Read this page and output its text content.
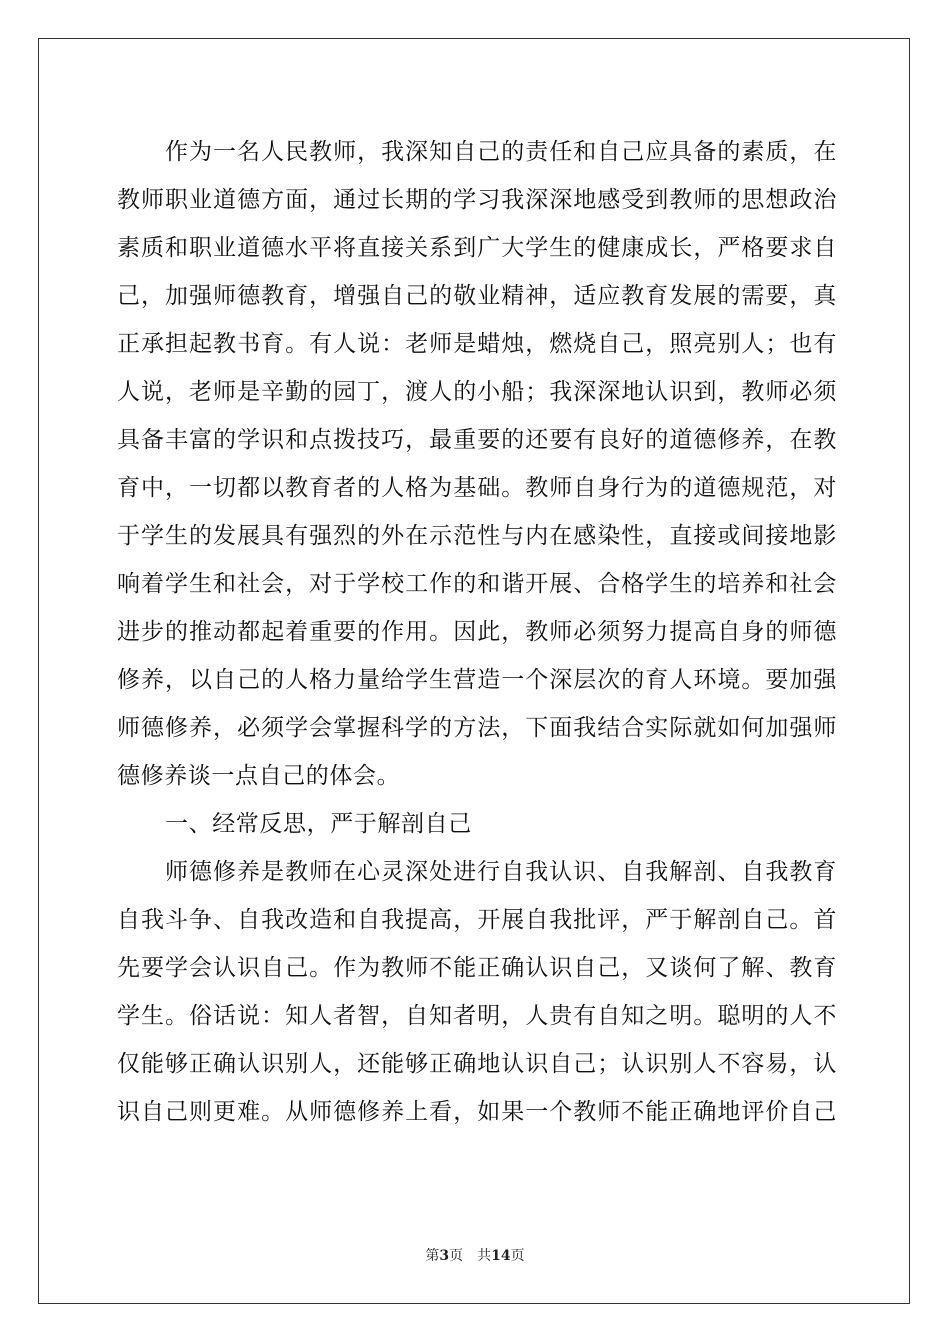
作为一名人民教师，我深知自己的责任和自己应具备的素质，在
教师职业道德方面，通过长期的学习我深深地感受到教师的思想政治
素质和职业道德水平将直接关系到广大学生的健康成长，严格要求自
己，加强师德教育，增强自己的敬业精神，适应教育发展的需要，真
正承担起教书育。有人说：老师是蜡烛，燃烧自己，照亮别人；也有
人说，老师是辛勤的园丁，渡人的小船；我深深地认识到，教师必须
具备丰富的学识和点拨技巧，最重要的还要有良好的道德修养，在教
育中，一切都以教育者的人格为基础。教师自身行为的道德规范，对
于学生的发展具有强烈的外在示范性与内在感染性，直接或间接地影
响着学生和社会，对于学校工作的和谐开展、合格学生的培养和社会
进步的推动都起着重要的作用。因此，教师必须努力提高自身的师德
修养，以自己的人格力量给学生营造一个深层次的育人环境。要加强
师德修养，必须学会掌握科学的方法，下面我结合实际就如何加强师
德修养谈一点自己的体会。
一、经常反思，严于解剖自己
师德修养是教师在心灵深处进行自我认识、自我解剖、自我教育
自我斗争、自我改造和自我提高，开展自我批评，严于解剖自己。首
先要学会认识自己。作为教师不能正确认识自己，又谈何了解、教育
学生。俗话说：知人者智，自知者明，人贵有自知之明。聪明的人不
仅能够正确认识别人，还能够正确地认识自己；认识别人不容易，认
识自己则更难。从师德修养上看，如果一个教师不能正确地评价自己
第3页 共14页
